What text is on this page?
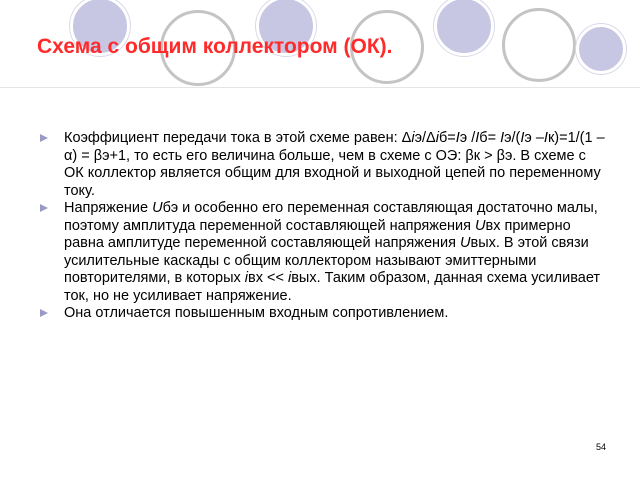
Схема с общим коллектором (ОК).
Коэффициент передачи тока в этой схеме равен: Δiэ/Δiб=Iэ /Iб= Iэ/(Iэ –Iк)=1/(1 – α) = βэ+1, то есть его величина больше, чем в схеме с ОЭ: βк > βэ. В схеме с ОК коллектор является общим для входной и выходной цепей по переменному току.
Напряжение Uбэ и особенно его переменная составляющая достаточно малы, поэтому амплитуда переменной составляющей напряжения Uвх примерно равна амплитуде переменной составляющей напряжения Uвых. В этой связи усилительные каскады с общим коллектором называют эмиттерными повторителями, в которых iвх << iвых. Таким образом, данная схема усиливает ток, но не усиливает напряжение.
Она отличается повышенным входным сопротивлением.
54
